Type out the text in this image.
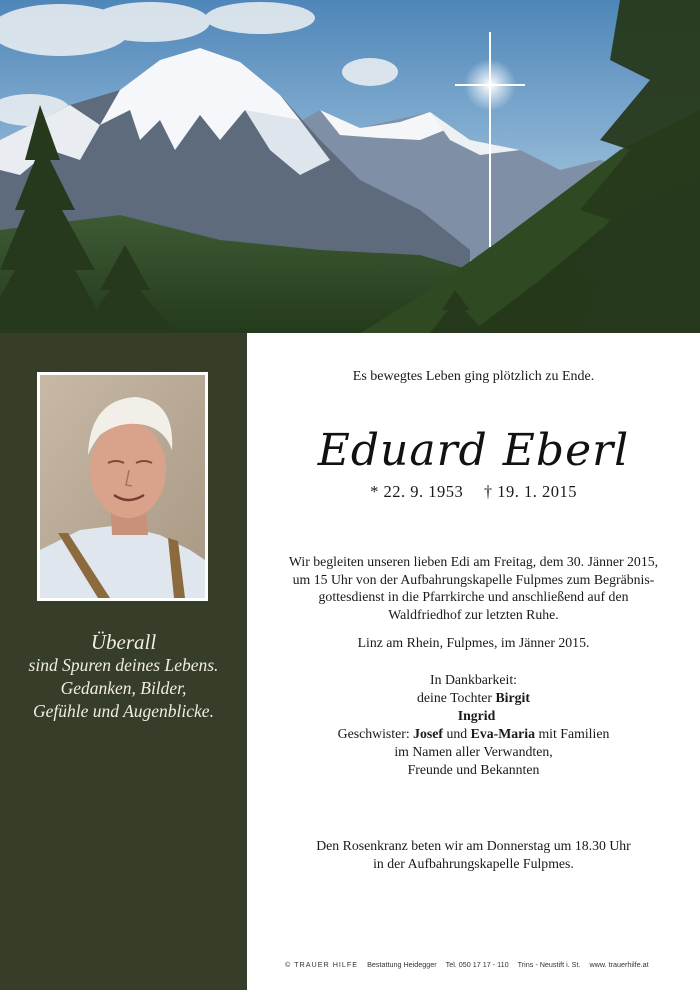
Überall
sind Spuren deines Lebens.
Gedanken, Bilder,
Gefühle und Augenblicke.
Es bewegtes Leben ging plötzlich zu Ende.
Eduard Eberl
* 22. 9. 1953 † 19. 1. 2015
Wir begleiten unseren lieben Edi am Freitag, dem 30. Jänner 2015,
um 15 Uhr von der Aufbahrungskapelle Fulpmes zum Begräbnis-
gottesdienst in die Pfarrkirche und anschließend auf den
Waldfriedhof zur letzten Ruhe.
Linz am Rhein, Fulpmes, im Jänner 2015.
In Dankbarkeit:
deine Tochter Birgit
Ingrid
Geschwister: Josef und Eva-Maria mit Familien
im Namen aller Verwandten,
Freunde und Bekannten
Den Rosenkranz beten wir am Donnerstag um 18.30 Uhr
in der Aufbahrungskapelle Fulpmes.
© TRAUER HILFE Bestattung Heidegger Tel. 050 17 17 - 110 Trins - Neustift i. St. www. trauerhilfe.at
